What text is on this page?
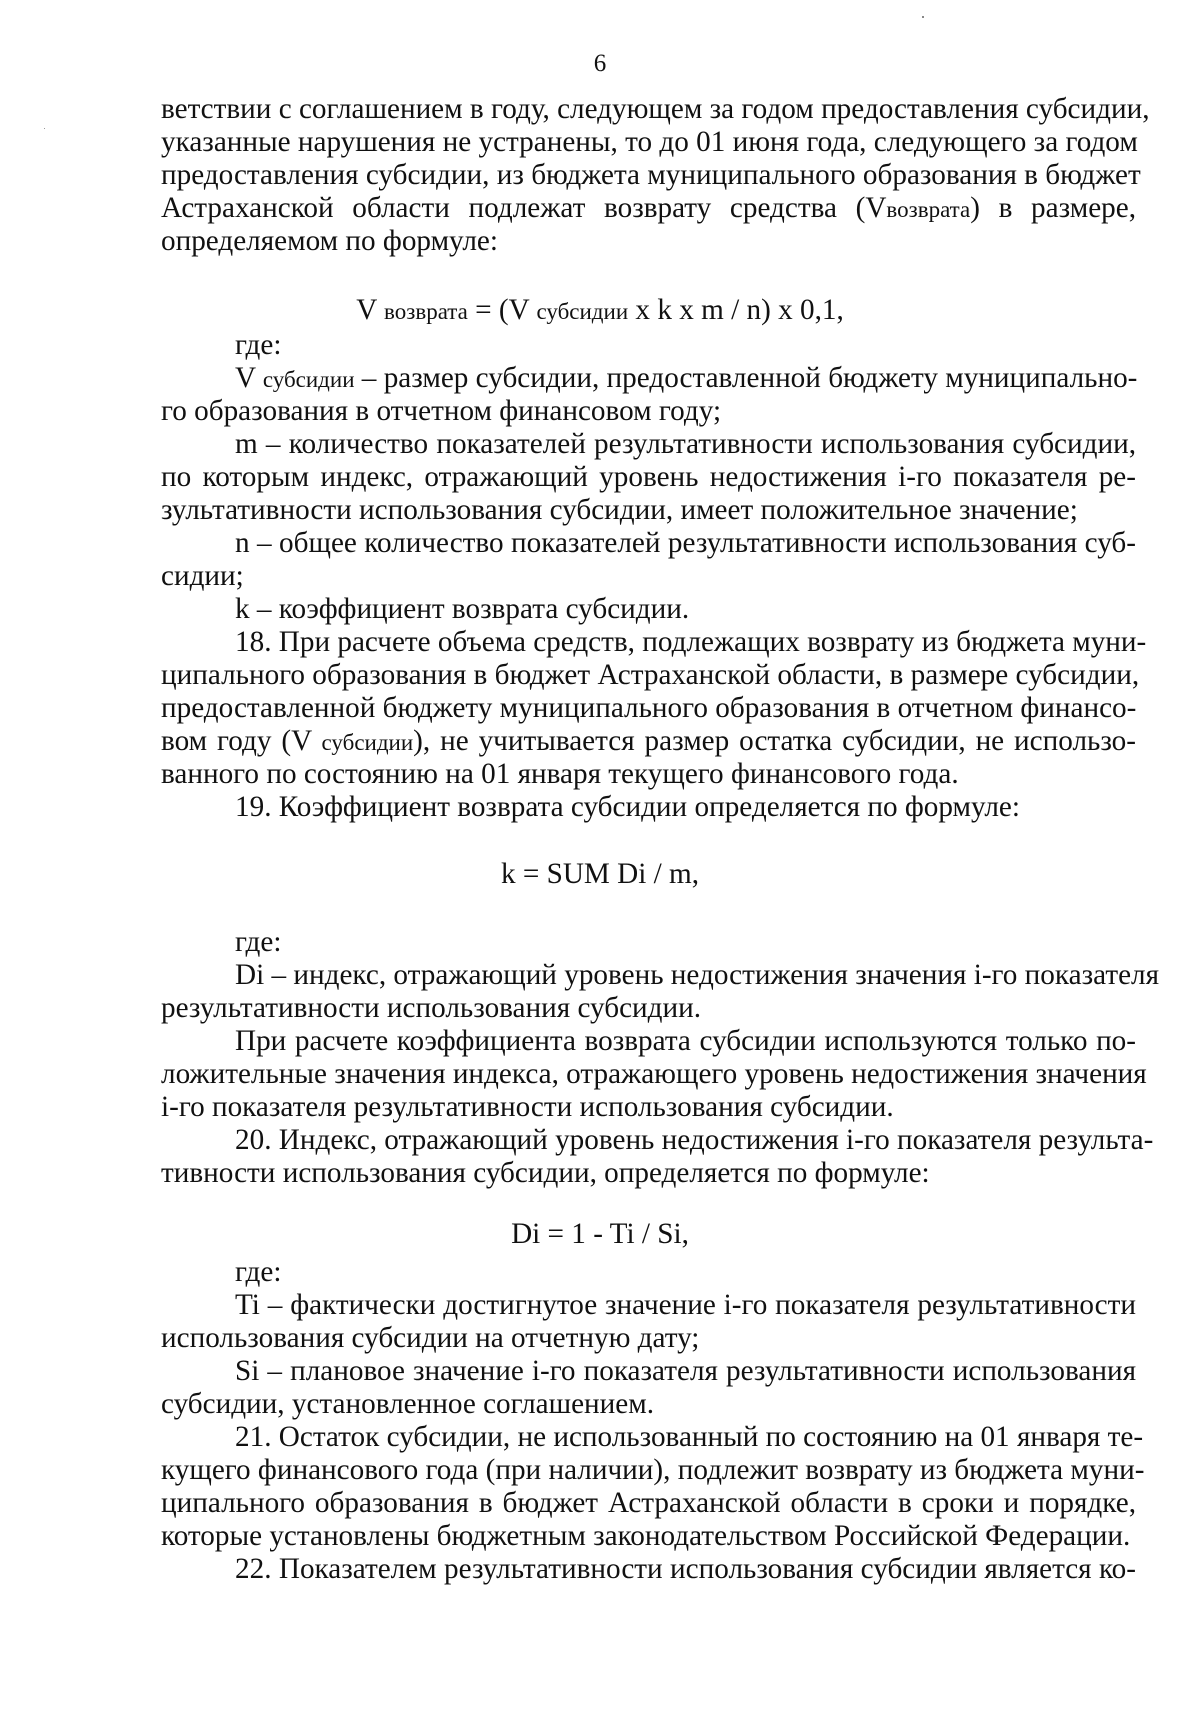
6
ветствии с соглашением в году, следующем за годом предоставления субсидии,
указанные нарушения не устранены, то до 01 июня года, следующего за годом
предоставления субсидии, из бюджета муниципального образования в бюджет
Астраханской области подлежат возврату средства (Vвозврата) в размере,
определяемом по формуле:
V возврата = (V субсидии x k x m / n) x 0,1,
где:
V субсидии – размер субсидии, предоставленной бюджету муниципально-
го образования в отчетном финансовом году;
m – количество показателей результативности использования субсидии,
по которым индекс, отражающий уровень недостижения i-го показателя ре-
зультативности использования субсидии, имеет положительное значение;
n – общее количество показателей результативности использования суб-
сидии;
k – коэффициент возврата субсидии.
18. При расчете объема средств, подлежащих возврату из бюджета муни-
ципального образования в бюджет Астраханской области, в размере субсидии,
предоставленной бюджету муниципального образования в отчетном финансо-
вом году (V субсидии), не учитывается размер остатка субсидии, не использо-
ванного по состоянию на 01 января текущего финансового года.
19. Коэффициент возврата субсидии определяется по формуле:
k = SUM Di / m,
где:
Di – индекс, отражающий уровень недостижения значения i-го показателя
результативности использования субсидии.
При расчете коэффициента возврата субсидии используются только по-
ложительные значения индекса, отражающего уровень недостижения значения
i-го показателя результативности использования субсидии.
20. Индекс, отражающий уровень недостижения i-го показателя результа-
тивности использования субсидии, определяется по формуле:
Di = 1 - Ti / Si,
где:
Ti – фактически достигнутое значение i-го показателя результативности
использования субсидии на отчетную дату;
Si – плановое значение i-го показателя результативности использования
субсидии, установленное соглашением.
21. Остаток субсидии, не использованный по состоянию на 01 января те-
кущего финансового года (при наличии), подлежит возврату из бюджета муни-
ципального образования в бюджет Астраханской области в сроки и порядке,
которые установлены бюджетным законодательством Российской Федерации.
22. Показателем результативности использования субсидии является ко-
